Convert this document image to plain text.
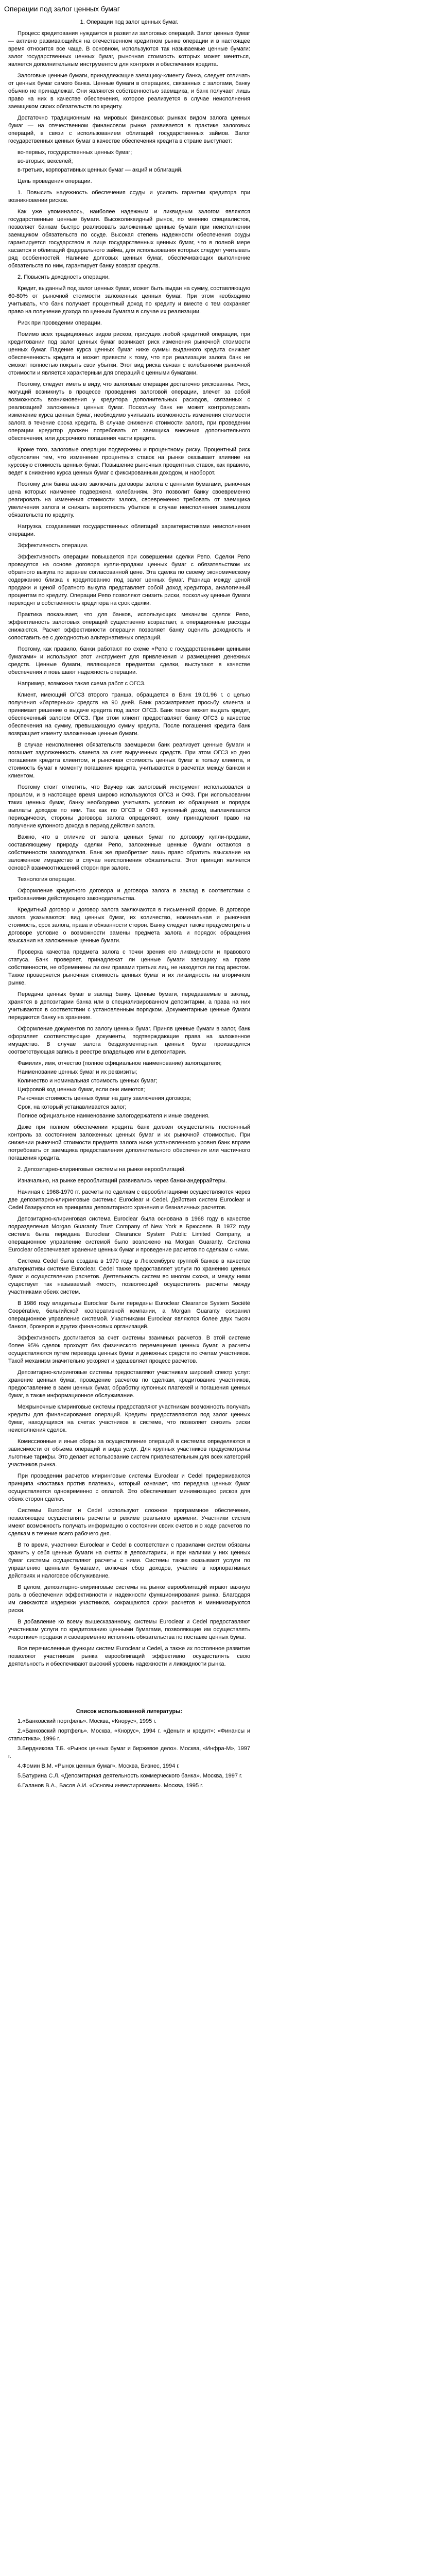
Операции под залог ценных бумаг

1. Операции под залог ценных бумаг.

Процесс кредитования нуждается в развитии залоговых операций. Залог ценных бумаг — активно развивающийся на отечественном кредитном рынке операции и в настоящее время относится все чаще. В основном, используются так называемые ценные бумаги: залог государственных ценных бумаг, рыночная стоимость которых может меняться, является дополнительным инструментом для контроля и обеспечения кредита.

Залоговые ценные бумаги, принадлежащие заемщику-клиенту банка, следует отличать от ценных бумаг самого банка. Ценные бумаги в операциях, связанных с залогами, банку обычно не принадлежат. Они являются собственностью заемщика, и банк получает лишь право на них в качестве обеспечения, которое реализуется в случае неисполнения заемщиком своих обязательств по кредиту.

Достаточно традиционным на мировых финансовых рынках видом залога ценных бумаг — на отечественном финансовом рынке развивается в практике залоговых операций, в связи с использованием облигаций государственных займов. Залог государственных ценных бумаг в качестве обеспечения кредита в стране выступает:

во-первых, государственных ценных бумаг;
во-вторых, векселей;
в-третьих, корпоративных ценных бумаг — акций и облигаций.

Цель проведения операции.

1. Повысить надежность обеспечения ссуды и усилить гарантии кредитора при возникновении рисков.

Как уже упоминалось, наиболее надежным и ликвидным залогом являются государственные ценные бумаги. Высоколиквидный рынок, по мнению специалистов, позволяет банкам быстро реализовать заложенные ценные бумаги при неисполнении заемщиком обязательств по ссуде. Высокая степень надежности обеспечения ссуды гарантируется государством в лице государственных ценных бумаг, что в полной мере касается и облигаций федерального займа, для использования которых следует учитывать ряд особенностей. Наличие долговых ценных бумаг, обеспечивающих выполнение обязательств по ним, гарантирует банку возврат средств.

2. Повысить доходность операции.

Кредит, выданный под залог ценных бумаг, может быть выдан на сумму, составляющую 60-80% от рыночной стоимости заложенных ценных бумаг. При этом необходимо учитывать, что банк получает процентный доход по кредиту и вместе с тем сохраняет право на получение дохода по ценным бумагам в случае их реализации.

Риск при проведении операции.

Помимо всех традиционных видов рисков, присущих любой кредитной операции, при кредитовании под залог ценных бумаг возникает риск изменения рыночной стоимости ценных бумаг. Падение курса ценных бумаг ниже суммы выданного кредита снижает обеспеченность кредита и может привести к тому, что при реализации залога банк не сможет полностью покрыть свои убытки. Этот вид риска связан с колебаниями рыночной стоимости и является характерным для операций с ценными бумагами.

Поэтому, следует иметь в виду, что залоговые операции достаточно рискованны. Риск, могущий возникнуть в процессе проведения залоговой операции, влечет за собой возможность возникновения у кредитора дополнительных расходов, связанных с реализацией заложенных ценных бумаг. Поскольку банк не может контролировать изменение курса ценных бумаг, необходимо учитывать возможность изменения стоимости залога в течение срока кредита. В случае снижения стоимости залога, при проведении операции кредитор должен потребовать от заемщика внесения дополнительного обеспечения, или досрочного погашения части кредита.

Кроме того, залоговые операции подвержены и процентному риску. Процентный риск обусловлен тем, что изменение процентных ставок на рынке оказывает влияние на курсовую стоимость ценных бумаг. Повышение рыночных процентных ставок, как правило, ведет к снижению курса ценных бумаг с фиксированным доходом, и наоборот.

Поэтому для банка важно заключать договоры залога с ценными бумагами, рыночная цена которых наименее подвержена колебаниям. Это позволит банку своевременно реагировать на изменения стоимости залога, своевременно требовать от заемщика увеличения залога и снижать вероятность убытков в случае неисполнения заемщиком обязательств по кредиту.

Нагрузка, создаваемая государственных облигаций характеристиками неисполнения операции.

Эффективность операции.

Эффективность операции повышается при совершении сделки Репо. Сделки Репо проводятся на основе договора купли-продажи ценных бумаг с обязательством их обратного выкупа по заранее согласованной цене. Эта сделка по своему экономическому содержанию близка к кредитованию под залог ценных бумаг. Разница между ценой продажи и ценой обратного выкупа представляет собой доход кредитора, аналогичный процентам по кредиту. Операции Репо позволяют снизить риски, поскольку ценные бумаги переходят в собственность кредитора на срок сделки.

Практика показывает, что для банков, использующих механизм сделок Репо, эффективность залоговых операций существенно возрастает, а операционные расходы снижаются. Расчет эффективности операции позволяет банку оценить доходность и сопоставить ее с доходностью альтернативных операций.

Поэтому, как правило, банки работают по схеме «Репо с государственными ценными бумагами» и используют этот инструмент для привлечения и размещения денежных средств. Ценные бумаги, являющиеся предметом сделки, выступают в качестве обеспечения и повышают надежность операции.

Например, возможна такая схема работ с ОГСЗ.

Клиент, имеющий ОГСЗ второго транша, обращается в Банк 19.01.96 г. с целью получения «бартерных» средств на 90 дней. Банк рассматривает просьбу клиента и принимает решение о выдаче кредита под залог ОГСЗ. Банк также может выдать кредит, обеспеченный залогом ОГСЗ. При этом клиент предоставляет банку ОГСЗ в качестве обеспечения на сумму, превышающую сумму кредита. После погашения кредита банк возвращает клиенту заложенные ценные бумаги.

В случае неисполнения обязательств заемщиком банк реализует ценные бумаги и погашает задолженность клиента за счет вырученных средств. При этом ОГСЗ ко дню погашения кредита клиентом, и рыночная стоимость ценных бумаг в пользу клиента, и стоимость бумаг к моменту погашения кредита, учитываются в расчетах между банком и клиентом.

Поэтому стоит отметить, что Ваучер как залоговый инструмент использовался в прошлом, и в настоящее время широко используются ОГСЗ и ОФЗ. При использовании таких ценных бумаг, банку необходимо учитывать условия их обращения и порядок выплаты доходов по ним. Так как по ОГСЗ и ОФЗ купонный доход выплачивается периодически, стороны договора залога определяют, кому принадлежит право на получение купонного дохода в период действия залога.

Важно, что в отличие от залога ценных бумаг по договору купли-продажи, составляющему природу сделки Репо, заложенные ценные бумаги остаются в собственности залогодателя. Банк же приобретает лишь право обратить взыскание на заложенное имущество в случае неисполнения обязательств. Этот принцип является основой взаимоотношений сторон при залоге.

Технология операции.

Оформление кредитного договора и договора залога в заклад в соответствии с требованиями действующего законодательства.

Кредитный договор и договор залога заключаются в письменной форме. В договоре залога указываются: вид ценных бумаг, их количество, номинальная и рыночная стоимость, срок залога, права и обязанности сторон. Банку следует также предусмотреть в договоре условие о возможности замены предмета залога и порядок обращения взыскания на заложенные ценные бумаги.

Проверка качества предмета залога с точки зрения его ликвидности и правового статуса. Банк проверяет, принадлежат ли ценные бумаги заемщику на праве собственности, не обременены ли они правами третьих лиц, не находятся ли под арестом. Также проверяется рыночная стоимость ценных бумаг и их ликвидность на вторичном рынке.

Передача ценных бумаг в заклад банку. Ценные бумаги, передаваемые в заклад, хранятся в депозитарии банка или в специализированном депозитарии, а права на них учитываются в соответствии с установленным порядком. Документарные ценные бумаги передаются банку на хранение.

Оформление документов по залогу ценных бумаг. Приняв ценные бумаги в залог, банк оформляет соответствующие документы, подтверждающие права на заложенное имущество. В случае залога бездокументарных ценных бумаг производится соответствующая запись в реестре владельцев или в депозитарии.

Фамилия, имя, отчество (полное официальное наименование) залогодателя;
Наименование ценных бумаг и их реквизиты;
Количество и номинальная стоимость ценных бумаг;
Цифровой код ценных бумаг, если они имеются;
Рыночная стоимость ценных бумаг на дату заключения договора;
Срок, на который устанавливается залог;
Полное официальное наименование залогодержателя и иные сведения.

Даже при полном обеспечении кредита банк должен осуществлять постоянный контроль за состоянием заложенных ценных бумаг и их рыночной стоимостью. При снижении рыночной стоимости предмета залога ниже установленного уровня банк вправе потребовать от заемщика предоставления дополнительного обеспечения или частичного погашения кредита.

2. Депозитарно-клиринговые системы на рынке еврооблигаций.

Изначально, на рынке еврооблигаций развивались через банки-андеррайтеры.

Начиная с 1968-1970 гг. расчеты по сделкам с еврооблигациями осуществляются через две депозитарно-клиринговые системы: Euroclear и Cedel. Действия систем Euroclear и Cedel базируются на принципах депозитарного хранения и безналичных расчетов.

Депозитарно-клиринговая система Euroclear была основана в 1968 году в качестве подразделения Morgan Guaranty Trust Company of New York в Брюсселе. В 1972 году система была передана Euroclear Clearance System Public Limited Company, а операционное управление системой было возложено на Morgan Guaranty. Система Euroclear обеспечивает хранение ценных бумаг и проведение расчетов по сделкам с ними.

Система Cedel была создана в 1970 году в Люксембурге группой банков в качестве альтернативы системе Euroclear. Cedel также предоставляет услуги по хранению ценных бумаг и осуществлению расчетов. Деятельность систем во многом схожа, и между ними существует так называемый «мост», позволяющий осуществлять расчеты между участниками обеих систем.

В 1986 году владельцы Euroclear были переданы Euroclear Clearance System Société Coopérative, бельгийской кооперативной компании, а Morgan Guaranty сохранил операционное управление системой. Участниками Euroclear являются более двух тысяч банков, брокеров и других финансовых организаций.

Эффективность достигается за счет системы взаимных расчетов. В этой системе более 95% сделок проходят без физического перемещения ценных бумаг, а расчеты осуществляются путем перевода ценных бумаг и денежных средств по счетам участников. Такой механизм значительно ускоряет и удешевляет процесс расчетов.

Депозитарно-клиринговые системы предоставляют участникам широкий спектр услуг: хранение ценных бумаг, проведение расчетов по сделкам, кредитование участников, предоставление в заем ценных бумаг, обработку купонных платежей и погашения ценных бумаг, а также информационное обслуживание.

Межрыночные клиринговые системы предоставляют участникам возможность получать кредиты для финансирования операций. Кредиты предоставляются под залог ценных бумаг, находящихся на счетах участников в системе, что позволяет снизить риски неисполнения сделок.

Комиссионные и иные сборы за осуществление операций в системах определяются в зависимости от объема операций и вида услуг. Для крупных участников предусмотрены льготные тарифы. Это делает использование систем привлекательным для всех категорий участников рынка.

При проведении расчетов клиринговые системы Euroclear и Cedel придерживаются принципа «поставка против платежа», который означает, что передача ценных бумаг осуществляется одновременно с оплатой. Это обеспечивает минимизацию рисков для обеих сторон сделки.

Системы Euroclear и Cedel используют сложное программное обеспечение, позволяющее осуществлять расчеты в режиме реального времени. Участники систем имеют возможность получать информацию о состоянии своих счетов и о ходе расчетов по сделкам в течение всего рабочего дня.

В то время, участники Euroclear и Cedel в соответствии с правилами систем обязаны хранить у себя ценные бумаги на счетах в депозитариях, и при наличии у них ценных бумаг системы осуществляют расчеты с ними. Системы также оказывают услуги по управлению ценными бумагами, включая сбор доходов, участие в корпоративных действиях и налоговое обслуживание.

В целом, депозитарно-клиринговые системы на рынке еврооблигаций играют важную роль в обеспечении эффективности и надежности функционирования рынка. Благодаря им снижаются издержки участников, сокращаются сроки расчетов и минимизируются риски.

В добавление ко всему вышесказанному, системы Euroclear и Cedel предоставляют участникам услуги по кредитованию ценными бумагами, позволяющие им осуществлять «короткие» продажи и своевременно исполнять обязательства по поставке ценных бумаг.

Все перечисленные функции систем Euroclear и Cedel, а также их постоянное развитие позволяют участникам рынка еврооблигаций эффективно осуществлять свою деятельность и обеспечивают высокий уровень надежности и ликвидности рынка.

Список использованной литературы:
1.«Банковский портфель». Москва, «Кнорус», 1995 г.
2.«Банковский портфель». Москва, «Кнорус», 1994 г. «Деньги и кредит»: «Финансы и статистика», 1996 г.
3.Бердникова Т.Б. «Рынок ценных бумаг и биржевое дело». Москва, «Инфра-М», 1997 г.
4.Фомин В.М. «Рынок ценных бумаг». Москва, Бизнес, 1994 г.
5.Батурина С.Л. «Депозитарная деятельность коммерческого банка». Москва, 1997 г.
6.Галанов В.А., Басов А.И. «Основы инвестирования». Москва, 1995 г.
